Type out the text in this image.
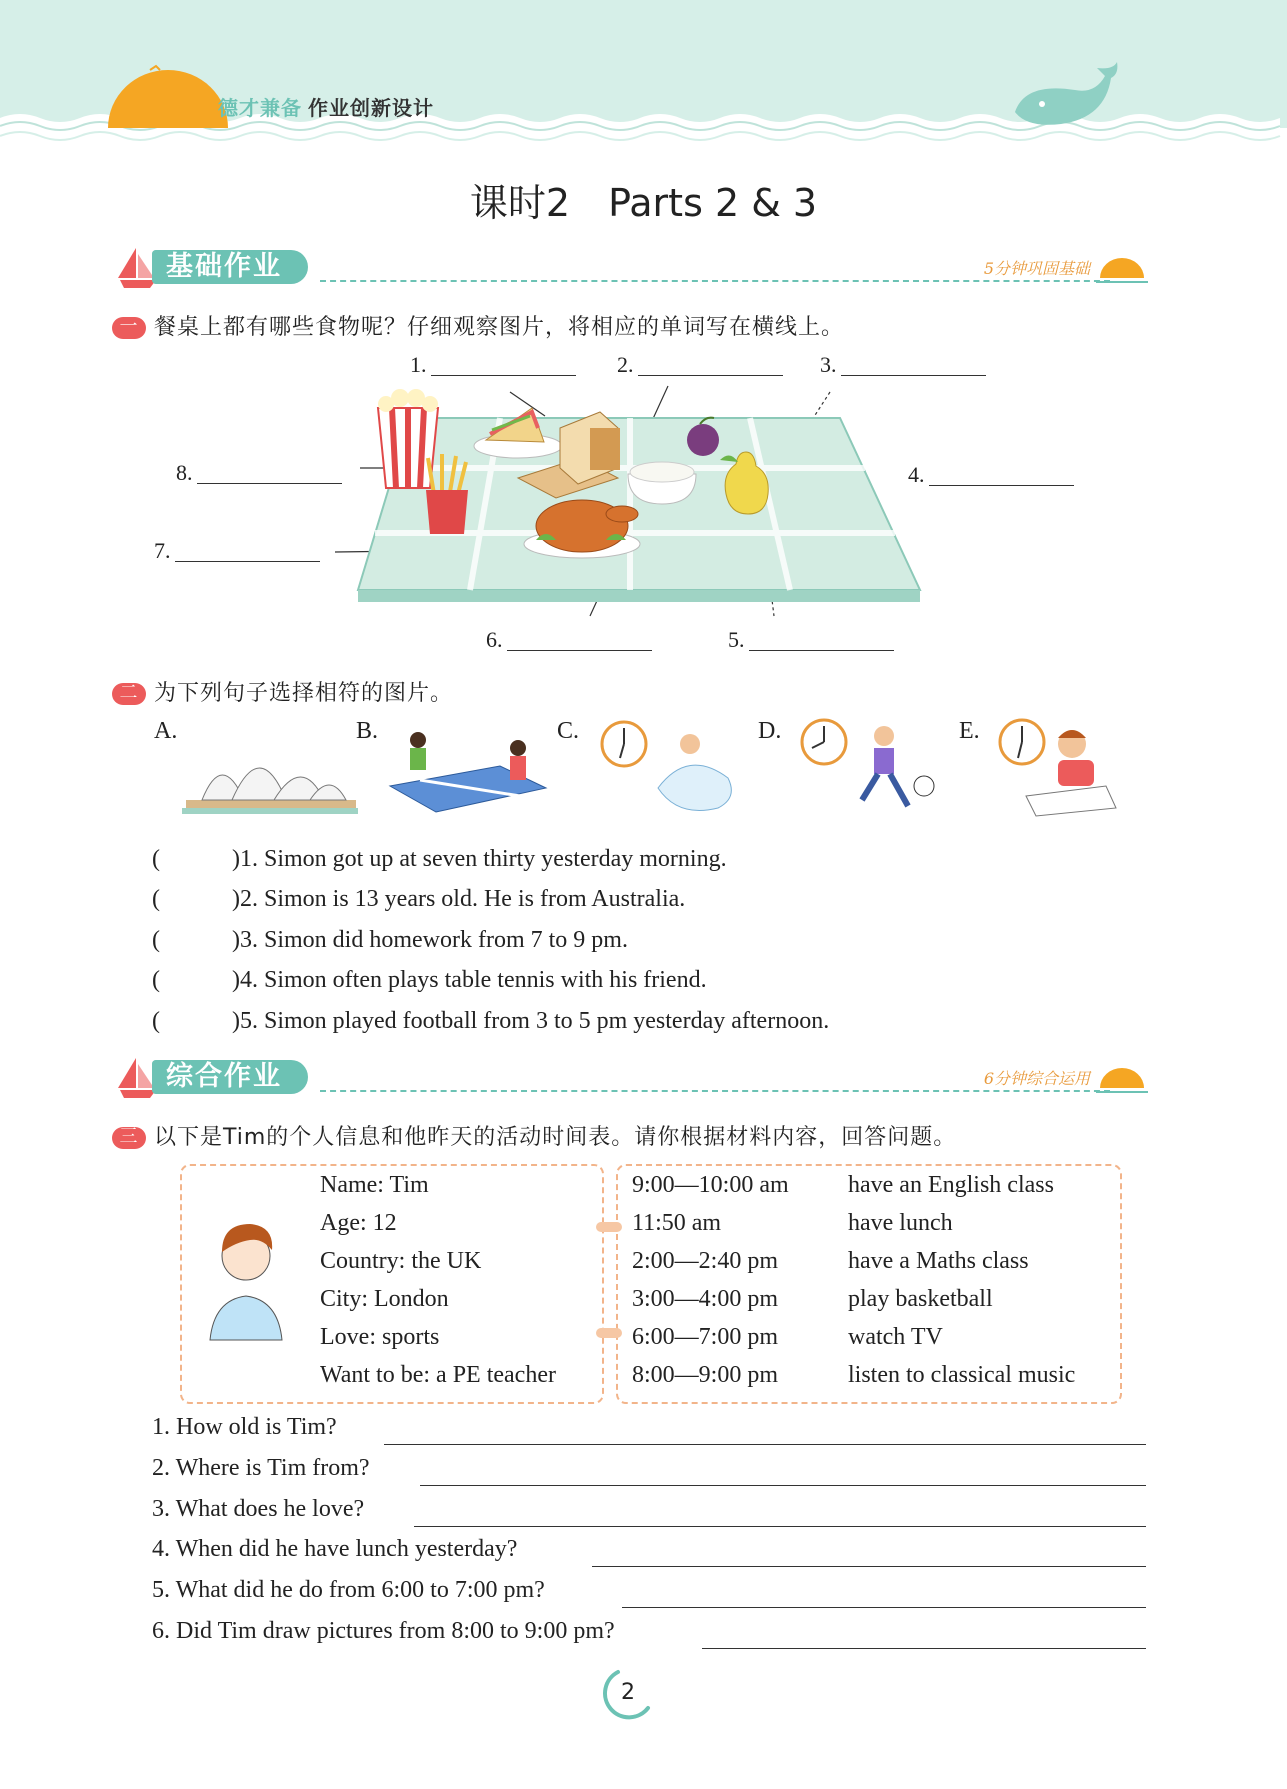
德才兼备 作业创新设计
课时2　Parts 2 & 3
基础作业	5分钟巩固基础
一 餐桌上都有哪些食物呢？仔细观察图片，将相应的单词写在横线上。
1.	2.	3.
4.
5.
6.
7.
8.
二 为下列句子选择相符的图片。
A.	B.	C.	D.	E.
(　　　)1. Simon got up at seven thirty yesterday morning.
(　　　)2. Simon is 13 years old. He is from Australia.
(　　　)3. Simon did homework from 7 to 9 pm.
(　　　)4. Simon often plays table tennis with his friend.
(　　　)5. Simon played football from 3 to 5 pm yesterday afternoon.
综合作业	6分钟综合运用
三 以下是Tim的个人信息和他昨天的活动时间表。请你根据材料内容，回答问题。
Name: Tim
Age: 12
Country: the UK
City: London
Love: sports
Want to be: a PE teacher
9:00—10:00 am have an English class
11:50 am	have lunch
2:00—2:40 pm	have a Maths class
3:00—4:00 pm	play basketball
6:00—7:00 pm	watch TV
8:00—9:00 pm	listen to classical music
1. How old is Tim?
2. Where is Tim from?
3. What does he love?
4. When did he have lunch yesterday?
5. What did he do from 6:00 to 7:00 pm?
6. Did Tim draw pictures from 8:00 to 9:00 pm?
2
